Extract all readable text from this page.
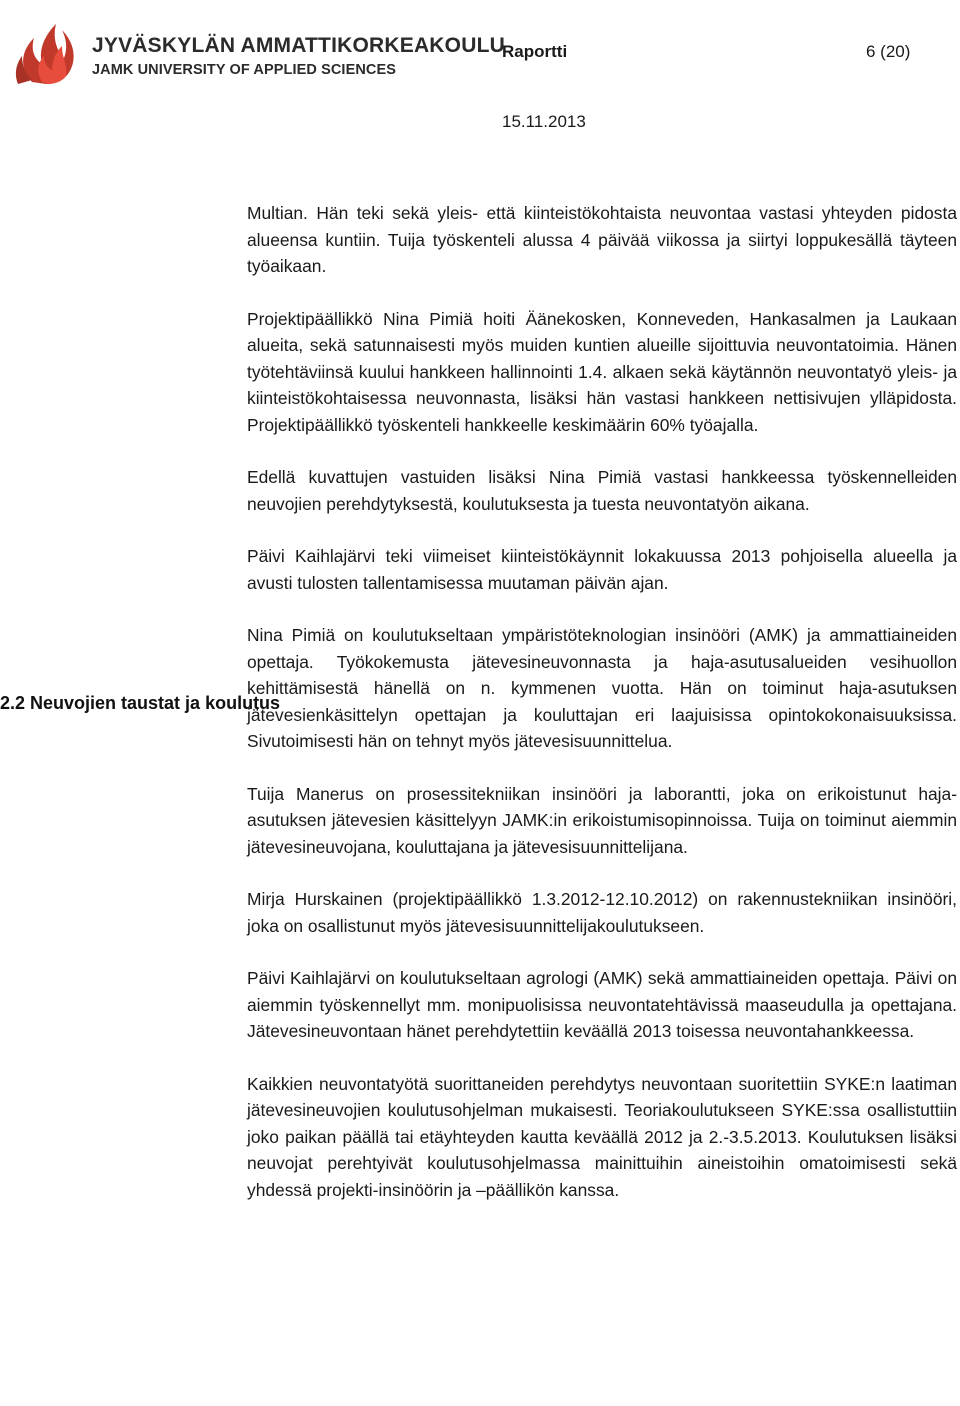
JYVÄSKYLÄN AMMATTIKORKEAKOULU
JAMK UNIVERSITY OF APPLIED SCIENCES
Raportti	6 (20)
15.11.2013
2.2 Neuvojien taustat ja koulutus

Multian. Hän teki sekä yleis- että kiinteistökohtaista neuvontaa vastasi yhteyden pidosta alueensa kuntiin. Tuija työskenteli alussa 4 päivää viikossa ja siirtyi loppukesällä täyteen työaikaan.

Projektipäällikkö Nina Pimiä hoiti Äänekosken, Konneveden, Hankasalmen ja Laukaan alueita, sekä satunnaisesti myös muiden kuntien alueille sijoittuvia neuvontatoimia. Hänen työtehtäviinsä kuului hankkeen hallinnointi 1.4. alkaen sekä käytännön neuvontatyö yleis- ja kiinteistökohtaisessa neuvonnasta, lisäksi hän vastasi hankkeen nettisivujen ylläpidosta. Projektipäällikkö työskenteli hankkeelle keskimäärin 60% työajalla.

Edellä kuvattujen vastuiden lisäksi Nina Pimiä vastasi hankkeessa työskennelleiden neuvojien perehdytyksestä, koulutuksesta ja tuesta neuvontatyön aikana.

Päivi Kaihlajärvi teki viimeiset kiinteistökäynnit lokakuussa 2013 pohjoisella alueella ja avusti tulosten tallentamisessa muutaman päivän ajan.

Nina Pimiä on koulutukseltaan ympäristöteknologian insinööri (AMK) ja ammattiaineiden opettaja. Työkokemusta jätevesineuvonnasta ja haja-asutusalueiden vesihuollon kehittämisestä hänellä on n. kymmenen vuotta. Hän on toiminut haja-asutuksen jätevesienkäsittelyn opettajan ja kouluttajan eri laajuisissa opintokokonaisuuksissa. Sivutoimisesti hän on tehnyt myös jätevesisuunnittelua.

Tuija Manerus on prosessitekniikan insinööri ja laborantti, joka on erikoistunut haja-asutuksen jätevesien käsittelyyn JAMK:in erikoistumisopinnoissa. Tuija on toiminut aiemmin jätevesineuvojana, kouluttajana ja jätevesisuunnittelijana.

Mirja Hurskainen (projektipäällikkö 1.3.2012-12.10.2012) on rakennustekniikan insinööri, joka on osallistunut myös jätevesisuunnittelijakoulutukseen.

Päivi Kaihlajärvi on koulutukseltaan agrologi (AMK) sekä ammattiaineiden opettaja. Päivi on aiemmin työskennellyt mm. monipuolisissa neuvontatehtävissä maaseudulla ja opettajana. Jätevesineuvontaan hänet perehdytettiin keväällä 2013 toisessa neuvontahankkeessa.

Kaikkien neuvontatyötä suorittaneiden perehdytys neuvontaan suoritettiin SYKE:n laatiman jätevesineuvojien koulutusohjelman mukaisesti. Teoriakoulutukseen SYKE:ssa osallistuttiin joko paikan päällä tai etäyhteyden kautta keväällä 2012 ja 2.-3.5.2013. Koulutuksen lisäksi neuvojat perehtyivät koulutusohjelmassa mainittuihin aineistoihin omatoimisesti sekä yhdessä projekti-insinöörin ja –päällikön kanssa.
